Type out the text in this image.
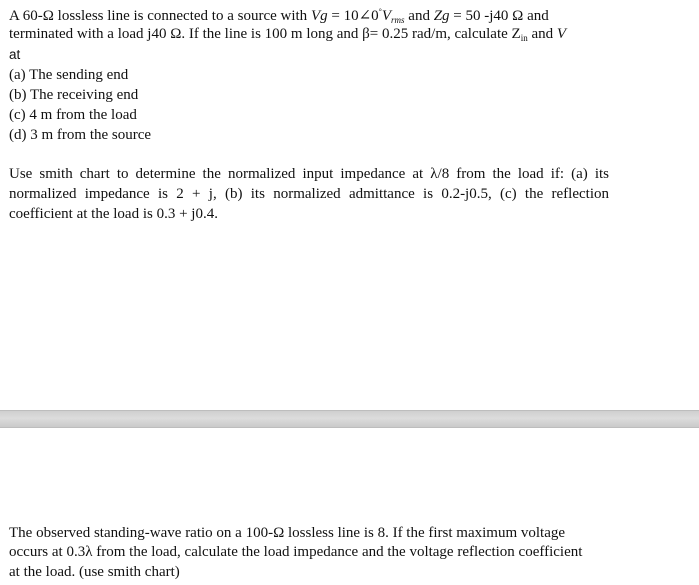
A 60-Ω lossless line is connected to a source with $Vg = 10\angle 0^\circ V_{rms}$ and Zg = 50 -j40 Ω and
terminated with a load j40 Ω. If the line is 100 m long and β= 0.25 rad/m, calculate $Z_{in}$ and V
at
(a) The sending end
(b) The receiving end
(c) 4 m from the load
(d) 3 m from the source
Use smith chart to determine the normalized input impedance at λ/8 from the load if: (a) its
normalized impedance is 2 + j, (b) its normalized admittance is 0.2-j0.5, (c) the reflection
coefficient at the load is 0.3 + j0.4.
The observed standing-wave ratio on a 100-Ω lossless line is 8. If the first maximum voltage
occurs at 0.3λ from the load, calculate the load impedance and the voltage reflection coefficient
at the load. (use smith chart)
